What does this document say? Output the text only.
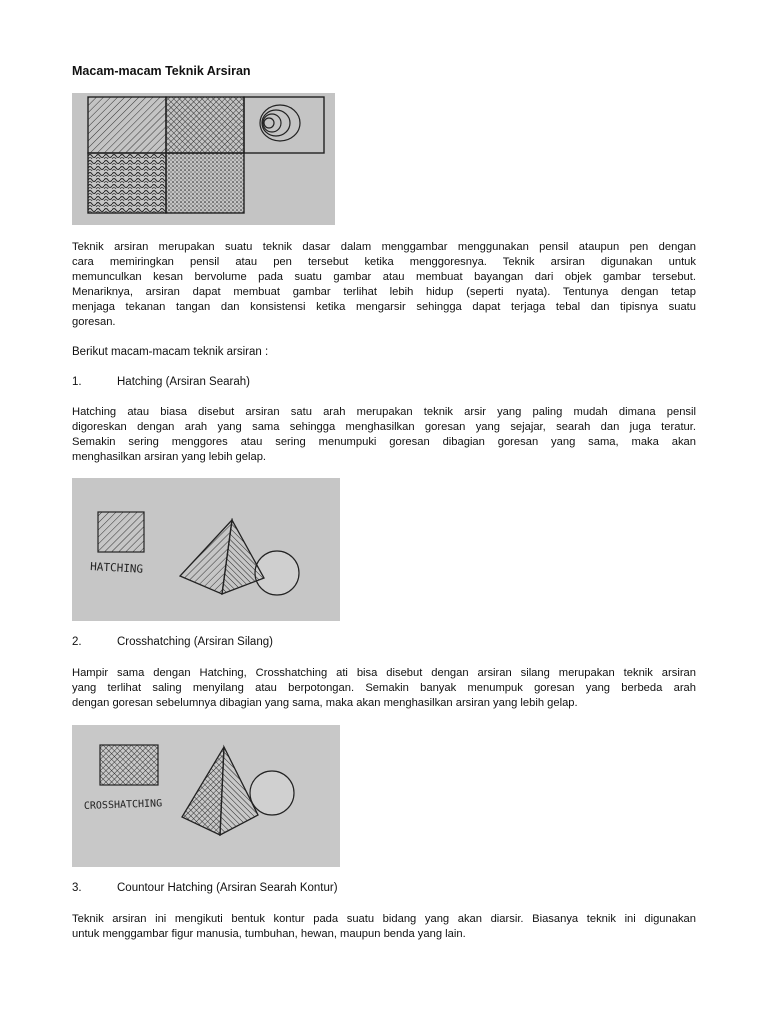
Macam-macam Teknik Arsiran

Teknik arsiran merupakan suatu teknik dasar dalam menggambar menggunakan pensil ataupun pen dengan
cara memiringkan pensil atau pen tersebut ketika menggoresnya. Teknik arsiran digunakan untuk
memunculkan kesan bervolume pada suatu gambar atau membuat bayangan dari objek gambar tersebut.
Menariknya, arsiran dapat membuat gambar terlihat lebih hidup (seperti nyata). Tentunya dengan tetap
menjaga tekanan tangan dan konsistensi ketika mengarsir sehingga dapat terjaga tebal dan tipisnya suatu
goresan.

Berikut macam-macam teknik arsiran :

1.	Hatching (Arsiran Searah)

Hatching atau biasa disebut arsiran satu arah merupakan teknik arsir yang paling mudah dimana pensil
digoreskan dengan arah yang sama sehingga menghasilkan goresan yang sejajar, searah dan juga teratur.
Semakin sering menggores atau sering menumpuki goresan dibagian goresan yang sama, maka akan
menghasilkan arsiran yang lebih gelap.

HATCHING

2.	Crosshatching (Arsiran Silang)

Hampir sama dengan Hatching, Crosshatching ati bisa disebut dengan arsiran silang merupakan teknik arsiran
yang terlihat saling menyilang atau berpotongan. Semakin banyak menumpuk goresan yang berbeda arah
dengan goresan sebelumnya dibagian yang sama, maka akan menghasilkan arsiran yang lebih gelap.

CROSSHATCHING

3.	Countour Hatching (Arsiran Searah Kontur)

Teknik arsiran ini mengikuti bentuk kontur pada suatu bidang yang akan diarsir. Biasanya teknik ini digunakan
untuk menggambar figur manusia, tumbuhan, hewan, maupun benda yang lain.
